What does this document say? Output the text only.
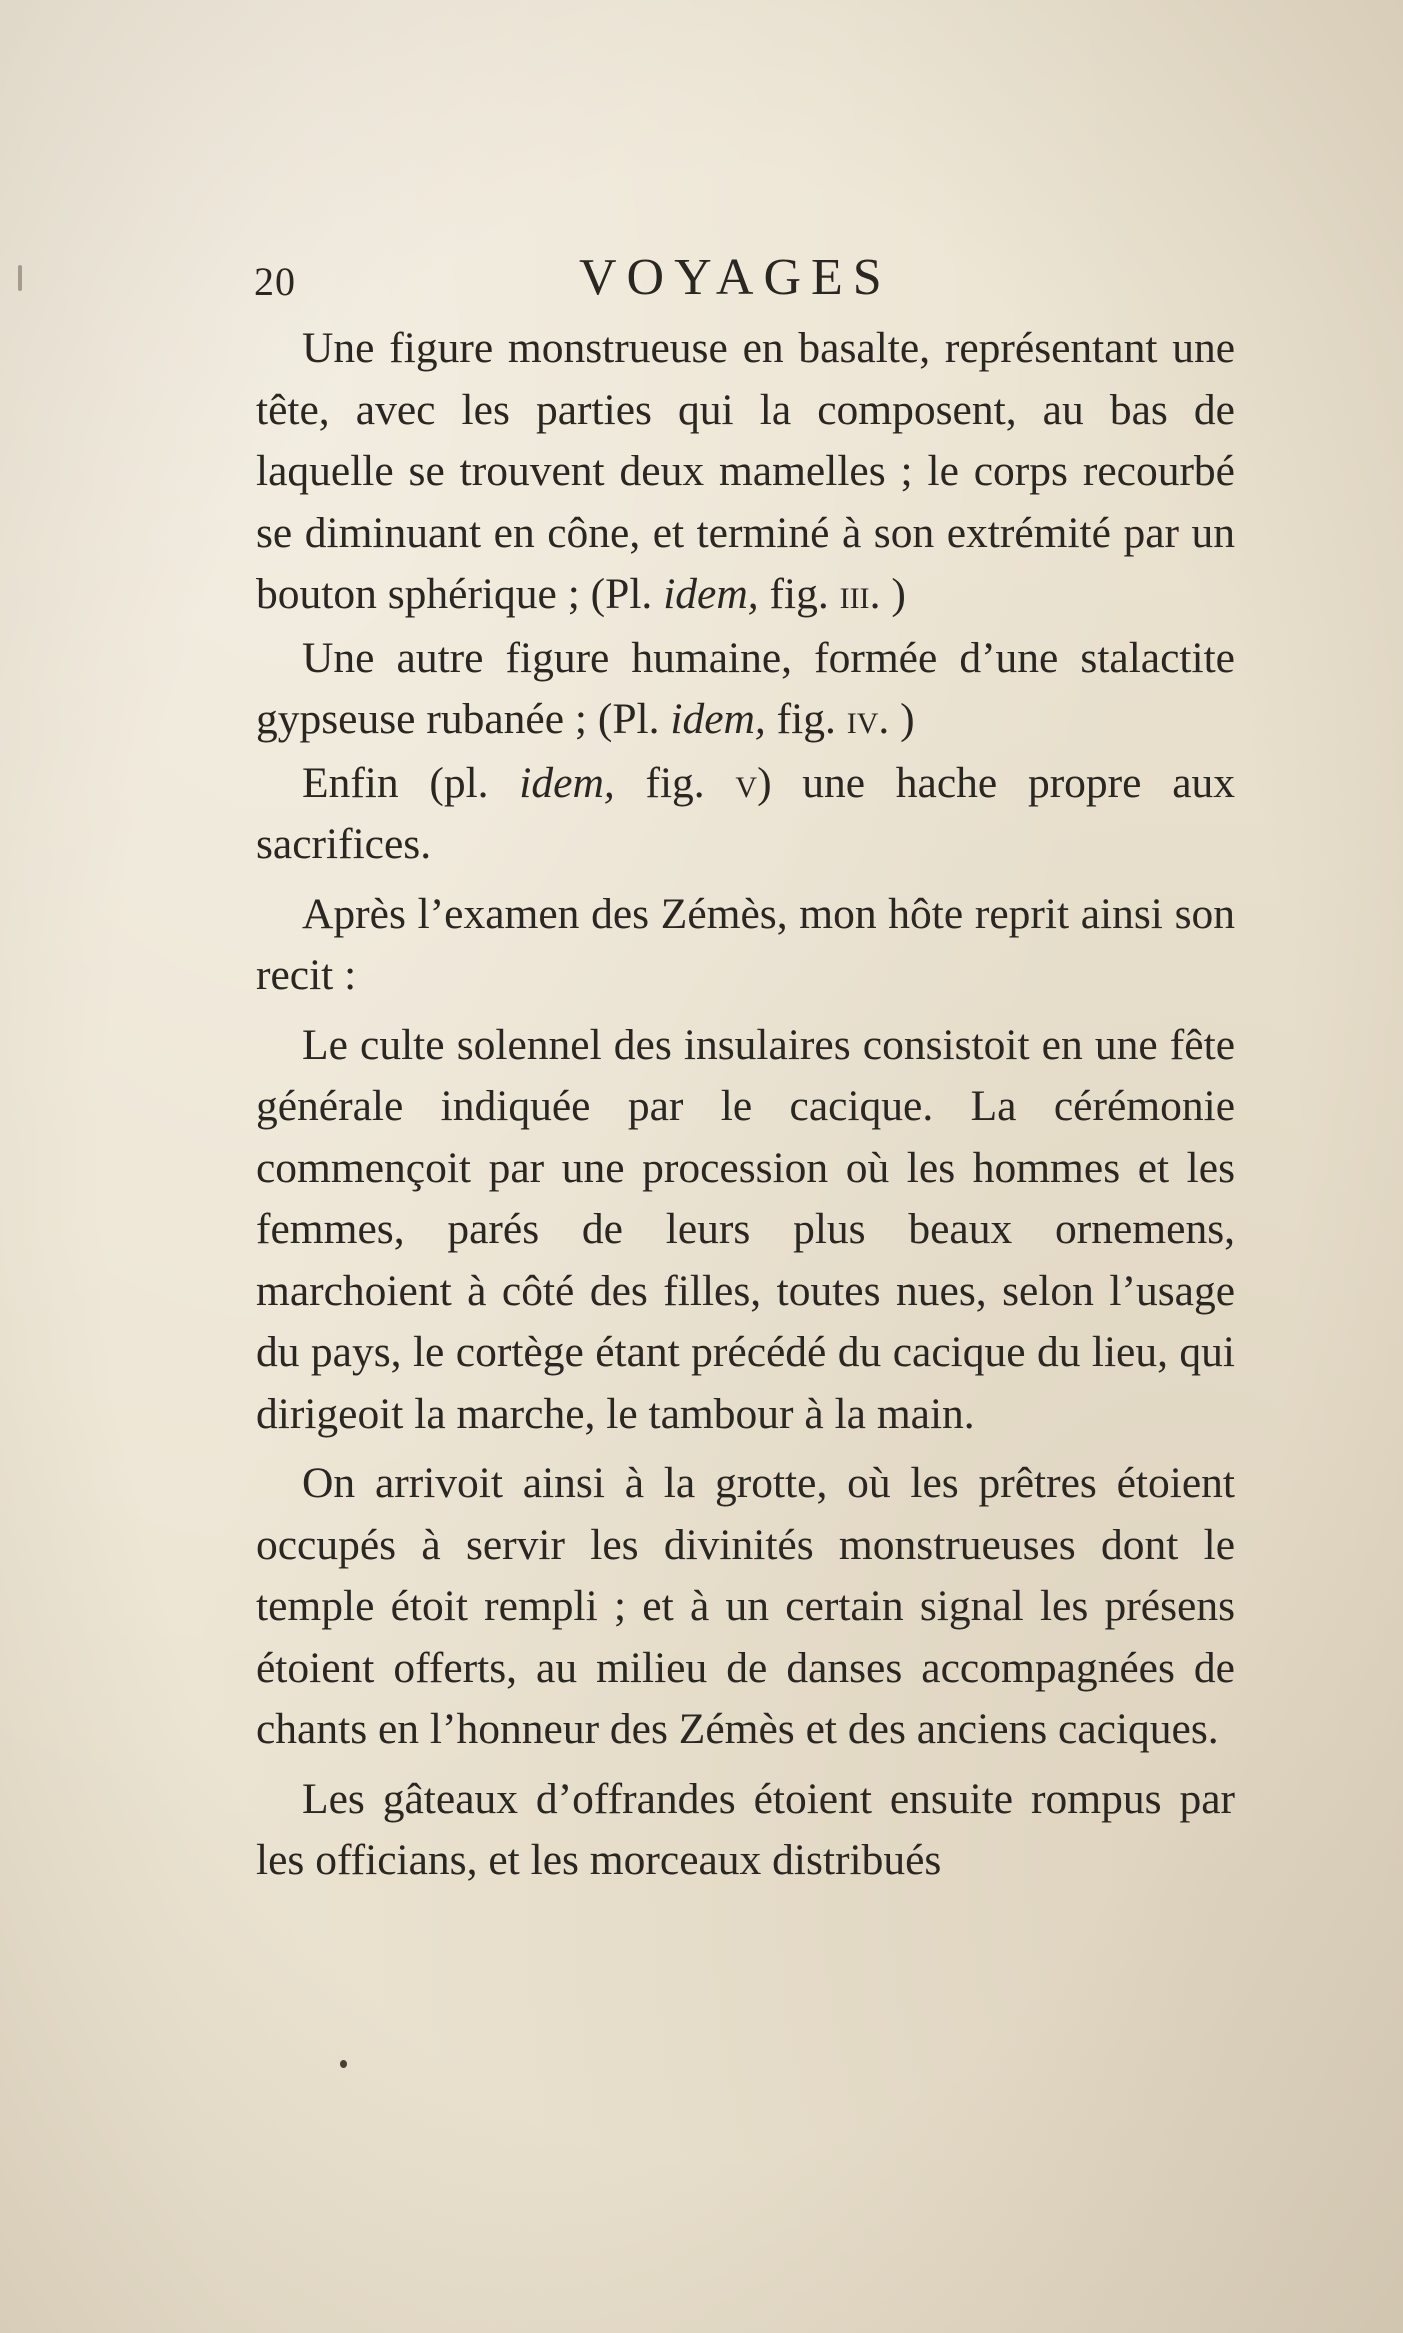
20	VOYAGES

Une figure monstrueuse en basalte, représentant une tête, avec les parties qui la composent, au bas de laquelle se trouvent deux mamelles ; le corps recourbé se diminuant en cône, et terminé à son extrémité par un bouton sphérique ; (Pl. idem, fig. iii. )

Une autre figure humaine, formée d’une stalactite gypseuse rubanée ; (Pl. idem, fig. iv. )

Enfin (pl. idem, fig. v) une hache propre aux sacrifices.

Après l’examen des Zémès, mon hôte reprit ainsi son recit :

Le culte solennel des insulaires consistoit en une fête générale indiquée par le cacique. La cérémonie commençoit par une procession où les hommes et les femmes, parés de leurs plus beaux ornemens, marchoient à côté des filles, toutes nues, selon l’usage du pays, le cortège étant précédé du cacique du lieu, qui dirigeoit la marche, le tambour à la main.

On arrivoit ainsi à la grotte, où les prêtres étoient occupés à servir les divinités monstrueuses dont le temple étoit rempli ; et à un certain signal les présens étoient offerts, au milieu de danses accompagnées de chants en l’honneur des Zémès et des anciens caciques.

Les gâteaux d’offrandes étoient ensuite rompus par les officians, et les morceaux distribués
